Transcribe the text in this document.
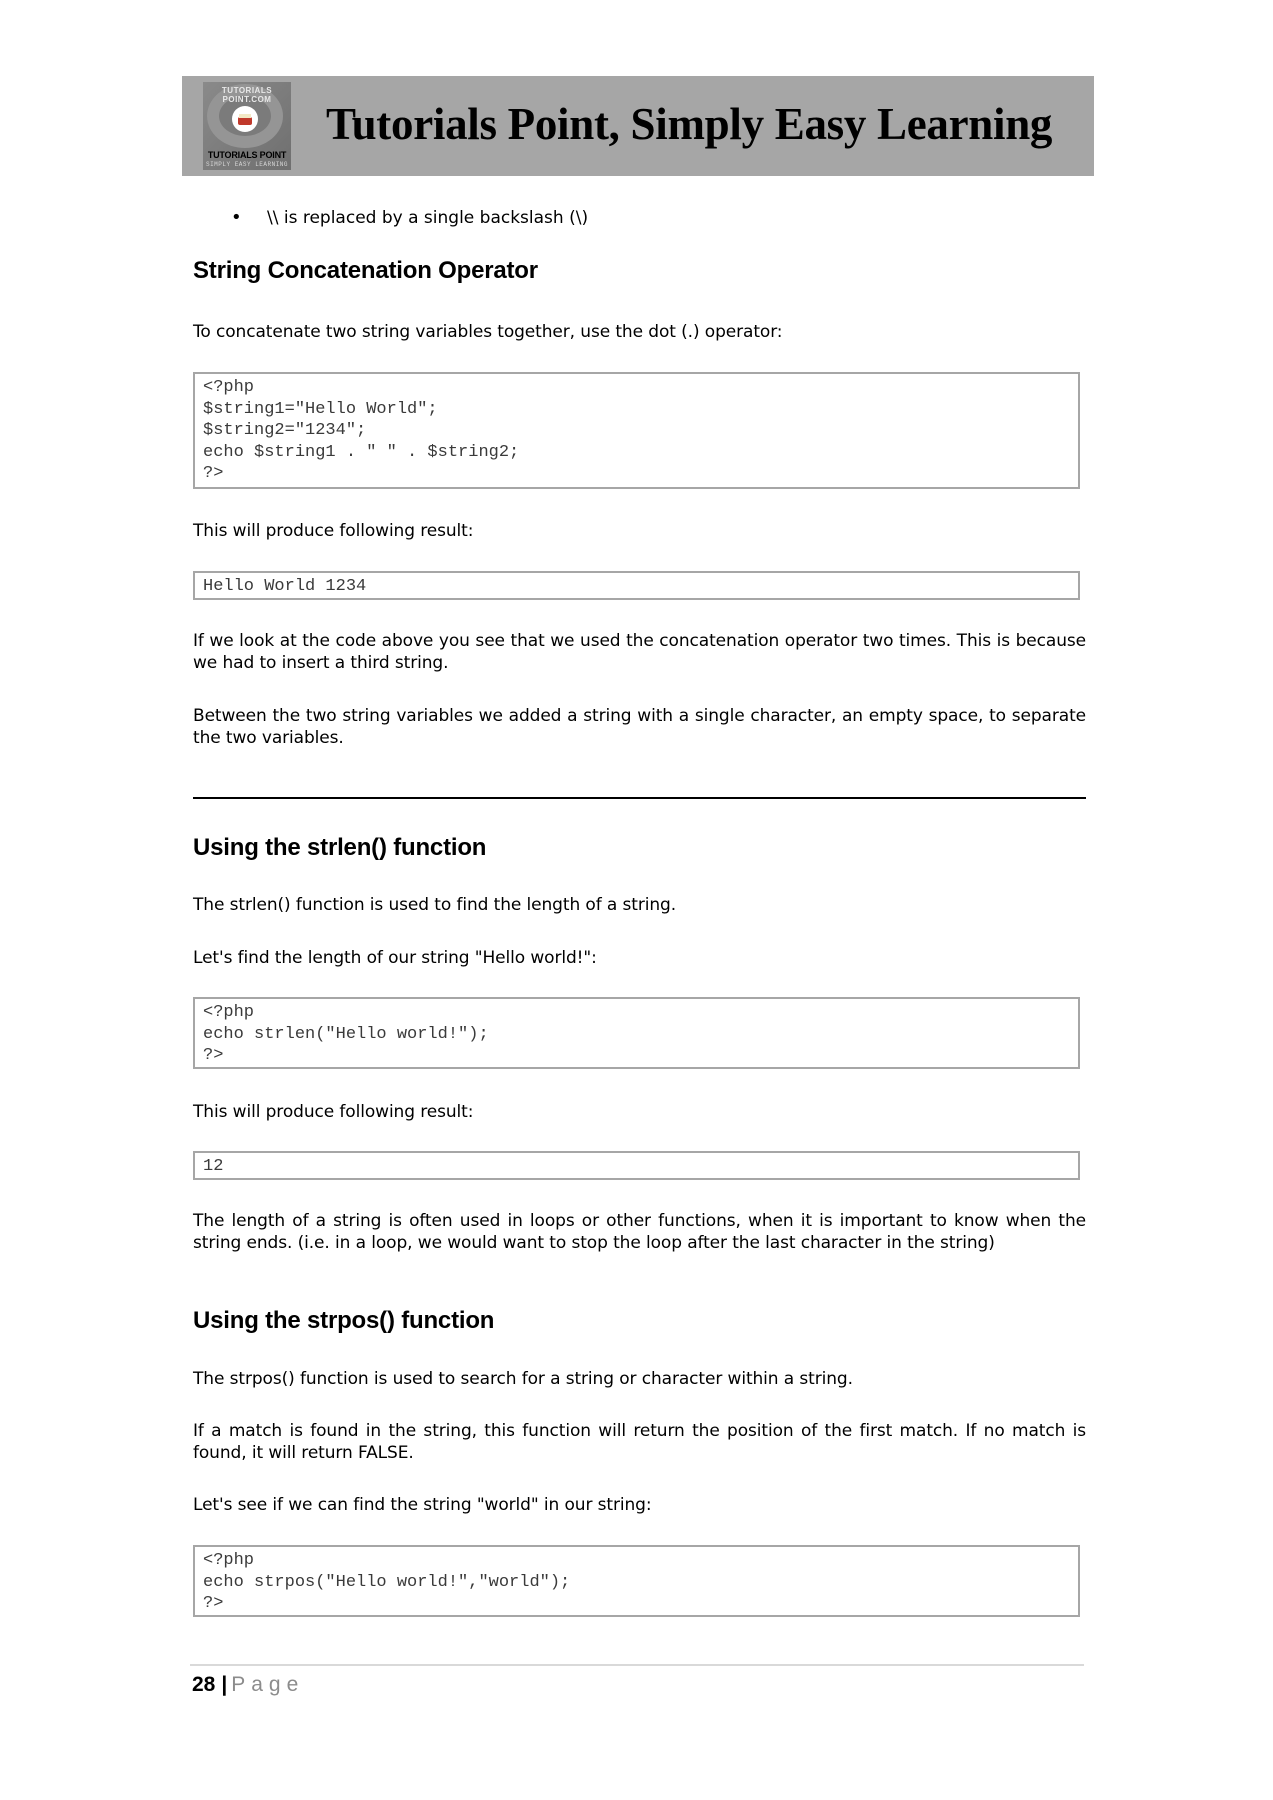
TUTORIALS POINT.COM
TUTORIALS POINT
SIMPLY EASY LEARNING
Tutorials Point, Simply Easy Learning
• \\ is replaced by a single backslash (\)
String Concatenation Operator

To concatenate two string variables together, use the dot (.) operator:

<?php
$string1="Hello World";
$string2="1234";
echo $string1 . " " . $string2;
?>

This will produce following result:

Hello World 1234

If we look at the code above you see that we used the concatenation operator two times. This is because we had to insert a third string.

Between the two string variables we added a string with a single character, an empty space, to separate the two variables.

Using the strlen() function

The strlen() function is used to find the length of a string.

Let's find the length of our string "Hello world!":

<?php
echo strlen("Hello world!");
?>

This will produce following result:

12

The length of a string is often used in loops or other functions, when it is important to know when the string ends. (i.e. in a loop, we would want to stop the loop after the last character in the string)

Using the strpos() function

The strpos() function is used to search for a string or character within a string.

If a match is found in the string, this function will return the position of the first match. If no match is found, it will return FALSE.

Let's see if we can find the string "world" in our string:

<?php
echo strpos("Hello world!","world");
?>
28 | Page
